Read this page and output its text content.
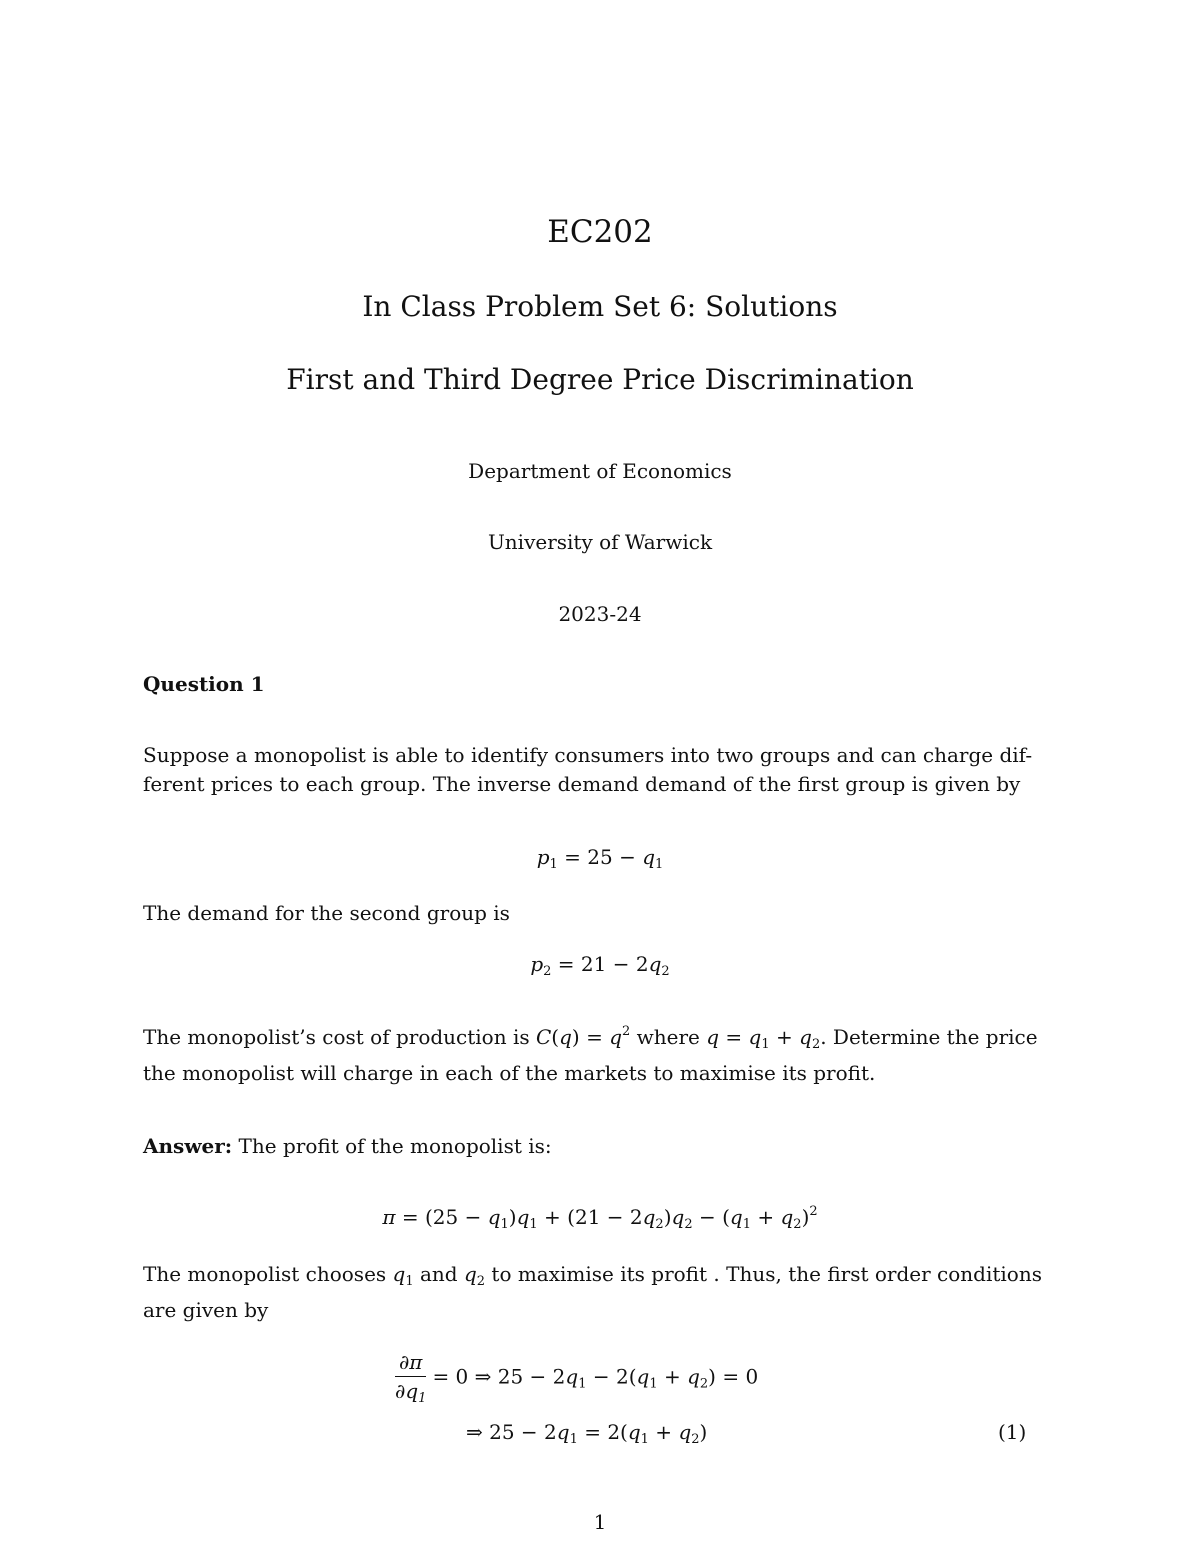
EC202
In Class Problem Set 6: Solutions
First and Third Degree Price Discrimination
Department of Economics
University of Warwick
2023-24
Question 1
Suppose a monopolist is able to identify consumers into two groups and can charge dif-
ferent prices to each group. The inverse demand demand of the first group is given by
$p_1 = 25 - q_1$
The demand for the second group is
$p_2 = 21 - 2q_2$
The monopolist’s cost of production is $C(q) = q^2$ where $q = q_1 + q_2$. Determine the price
the monopolist will charge in each of the markets to maximise its profit.
Answer: The profit of the monopolist is:
$\pi = (25 - q_1)q_1 + (21 - 2q_2)q_2 - (q_1 + q_2)^2$
The monopolist chooses $q_1$ and $q_2$ to maximise its profit . Thus, the first order conditions
are given by
$\frac{\partial\pi}{\partial q_1} = 0$ ⇒ $25 - 2q_1 - 2(q_1 + q_2) = 0$
⇒ $25 - 2q_1 = 2(q_1 + q_2)$	(1)
1
